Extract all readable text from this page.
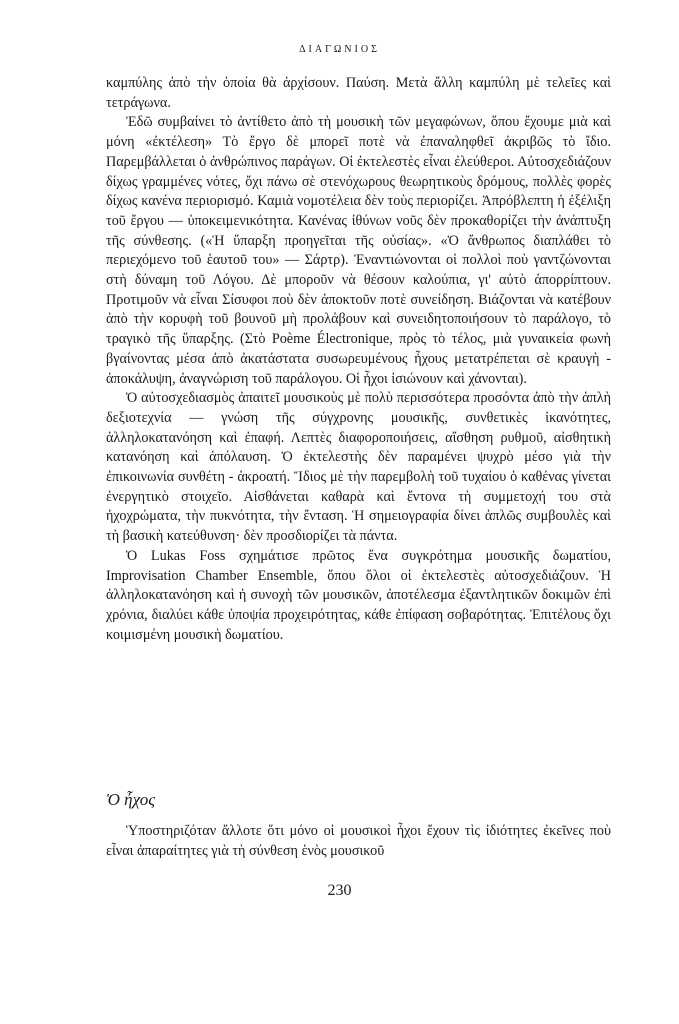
ΔΙΑΓΩΝΙΟΣ

καμπύλης ἀπὸ τὴν ὁποία θὰ ἀρχίσουν. Παύση. Μετὰ ἄλλη καμπύλη μὲ τελεῖες καὶ τετράγωνα.

Ἐδῶ συμβαίνει τὸ ἀντίθετο ἀπὸ τὴ μουσικὴ τῶν μεγαφώνων, ὅπου ἔχουμε μιὰ καὶ μόνη «ἐκτέλεση» Τὸ ἔργο δὲ μπορεῖ ποτὲ νὰ ἐπαναληφθεῖ ἀκριβῶς τὸ ἴδιο. Παρεμβάλλεται ὁ ἀνθρώπινος παράγων. Οἱ ἐκτελεστὲς εἶναι ἐλεύθεροι. Αὐτοσχεδιάζουν δίχως γραμμένες νότες, ὄχι πάνω σὲ στενόχωρους θεωρητικοὺς δρόμους, πολλὲς φορὲς δίχως κανένα περιορισμό. Καμιὰ νομοτέλεια δὲν τοὺς περιορίζει. Ἀπρόβλεπτη ἡ ἐξέλιξη τοῦ ἔργου — ὑποκειμενικότητα. Κανένας ἰθύνων νοῦς δὲν προκαθορίζει τὴν ἀνάπτυξη τῆς σύνθεσης. («Ἡ ὕπαρξη προηγεῖται τῆς οὐσίας». «Ὁ ἄνθρωπος διαπλάθει τὸ περιεχόμενο τοῦ ἑαυτοῦ του» — Σάρτρ). Ἐναντιώνονται οἱ πολλοὶ ποὺ γαντζώνονται στὴ δύναμη τοῦ Λόγου. Δὲ μποροῦν νὰ θέσουν καλούπια, γι' αὐτὸ ἀπορρίπτουν. Προτιμοῦν νὰ εἶναι Σίσυφοι ποὺ δὲν ἀποκτοῦν ποτὲ συνείδηση. Βιάζονται νὰ κατέβουν ἀπὸ τὴν κορυφὴ τοῦ βουνοῦ μὴ προλάβουν καὶ συνειδητοποιήσουν τὸ παράλογο, τὸ τραγικὸ τῆς ὕπαρξης. (Στὸ Poème Électronique, πρὸς τὸ τέλος, μιὰ γυναικεία φωνὴ βγαίνοντας μέσα ἀπὸ ἀκατάστατα συσωρευμένους ἦχους μετατρέπεται σὲ κραυγὴ - ἀποκάλυψη, ἀναγνώριση τοῦ παράλογου. Οἱ ἦχοι ἰσιώνουν καὶ χάνονται).

Ὁ αὐτοσχεδιασμὸς ἀπαιτεῖ μουσικοὺς μὲ πολὺ περισσότερα προσόντα ἀπὸ τὴν ἁπλὴ δεξιοτεχνία — γνώση τῆς σύγχρονης μουσικῆς, συνθετικὲς ἱκανότητες, ἀλληλοκατανόηση καὶ ἐπαφή. Λεπτὲς διαφοροποιήσεις, αἴσθηση ρυθμοῦ, αἰσθητικὴ κατανόηση καὶ ἀπόλαυση. Ὁ ἐκτελεστὴς δὲν παραμένει ψυχρὸ μέσο γιὰ τὴν ἐπικοινωνία συνθέτη - ἀκροατή. Ἴδιος μὲ τὴν παρεμβολὴ τοῦ τυχαίου ὁ καθένας γίνεται ἐνεργητικὸ στοιχεῖο. Αἰσθάνεται καθαρὰ καὶ ἔντονα τὴ συμμετοχή του στὰ ἠχοχρώματα, τὴν πυκνότητα, τὴν ἔνταση. Ἡ σημειογραφία δίνει ἁπλῶς συμβουλὲς καὶ τὴ βασικὴ κατεύθυνση· δὲν προσδιορίζει τὰ πάντα.

Ὁ Lukas Foss σχημάτισε πρῶτος ἕνα συγκρότημα μουσικῆς δωματίου, Improvisation Chamber Ensemble, ὅπου ὅλοι οἱ ἐκτελεστὲς αὐτοσχεδιάζουν. Ἡ ἀλληλοκατανόηση καὶ ἡ συνοχὴ τῶν μουσικῶν, ἀποτέλεσμα ἐξαντλητικῶν δοκιμῶν ἐπὶ χρόνια, διαλύει κάθε ὑποψία προχειρότητας, κάθε ἐπίφαση σοβαρότητας. Ἐπιτέλους ὄχι κοιμισμένη μουσικὴ δωματίου.

Ὁ ἦχος

Ὑποστηριζόταν ἄλλοτε ὅτι μόνο οἱ μουσικοὶ ἦχοι ἔχουν τὶς ἰδιότητες ἐκεῖνες ποὺ εἶναι ἀπαραίτητες γιὰ τὴ σύνθεση ἑνὸς μουσικοῦ

230
